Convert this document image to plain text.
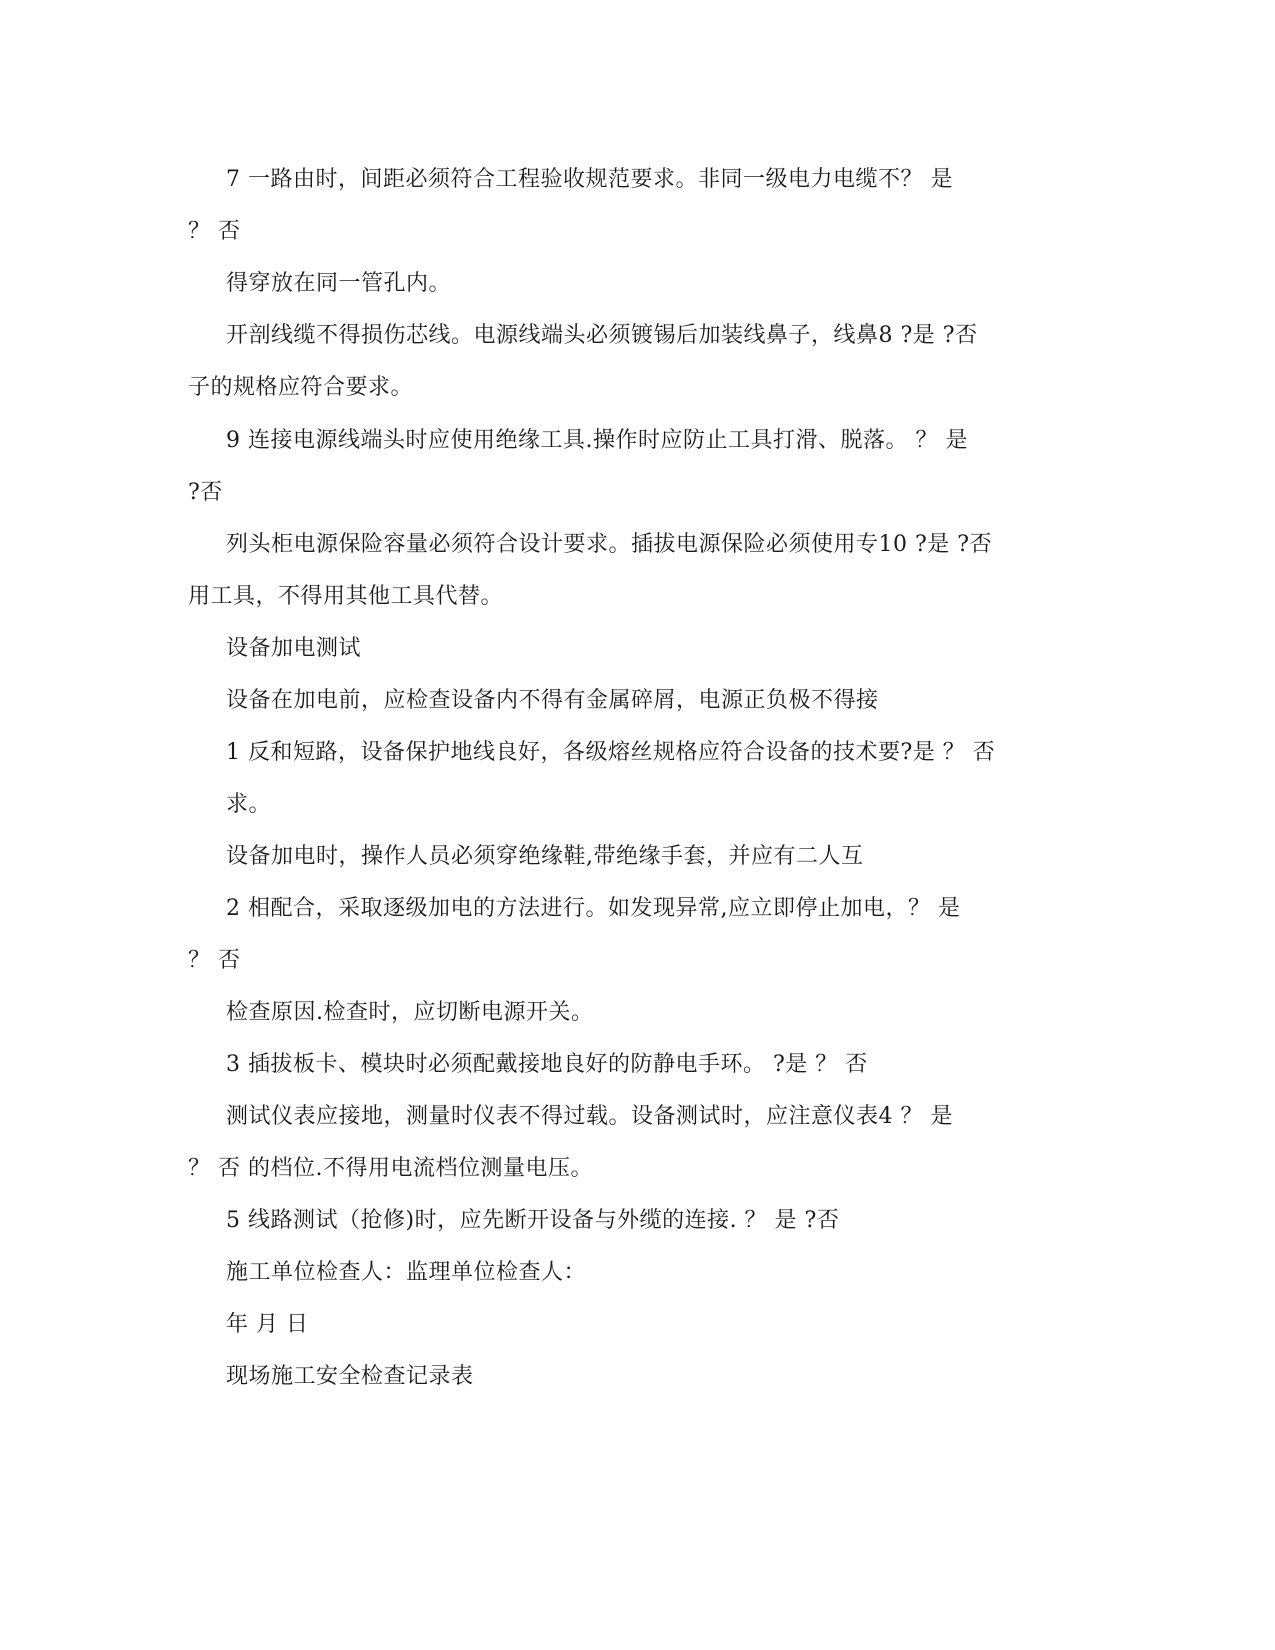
7 一路由时，间距必须符合工程验收规范要求。非同一级电力电缆不？ 是
？ 否
得穿放在同一管孔内。
开剖线缆不得损伤芯线。电源线端头必须镀锡后加装线鼻子，线鼻8 ?是 ?否
子的规格应符合要求。
9 连接电源线端头时应使用绝缘工具.操作时应防止工具打滑、脱落。 ？ 是
?否
列头柜电源保险容量必须符合设计要求。插拔电源保险必须使用专10 ?是 ?否
用工具，不得用其他工具代替。
设备加电测试
设备在加电前，应检查设备内不得有金属碎屑，电源正负极不得接
1 反和短路，设备保护地线良好，各级熔丝规格应符合设备的技术要?是 ？ 否
求。
设备加电时，操作人员必须穿绝缘鞋,带绝缘手套，并应有二人互
2 相配合，采取逐级加电的方法进行。如发现异常,应立即停止加电，？ 是
？ 否
检查原因.检查时，应切断电源开关。
3 插拔板卡、模块时必须配戴接地良好的防静电手环。 ?是 ？ 否
测试仪表应接地，测量时仪表不得过载。设备测试时，应注意仪表4 ？ 是
？ 否 的档位.不得用电流档位测量电压。
5 线路测试（抢修)时，应先断开设备与外缆的连接. ？ 是 ?否
施工单位检查人：监理单位检查人：
年 月 日
现场施工安全检查记录表
